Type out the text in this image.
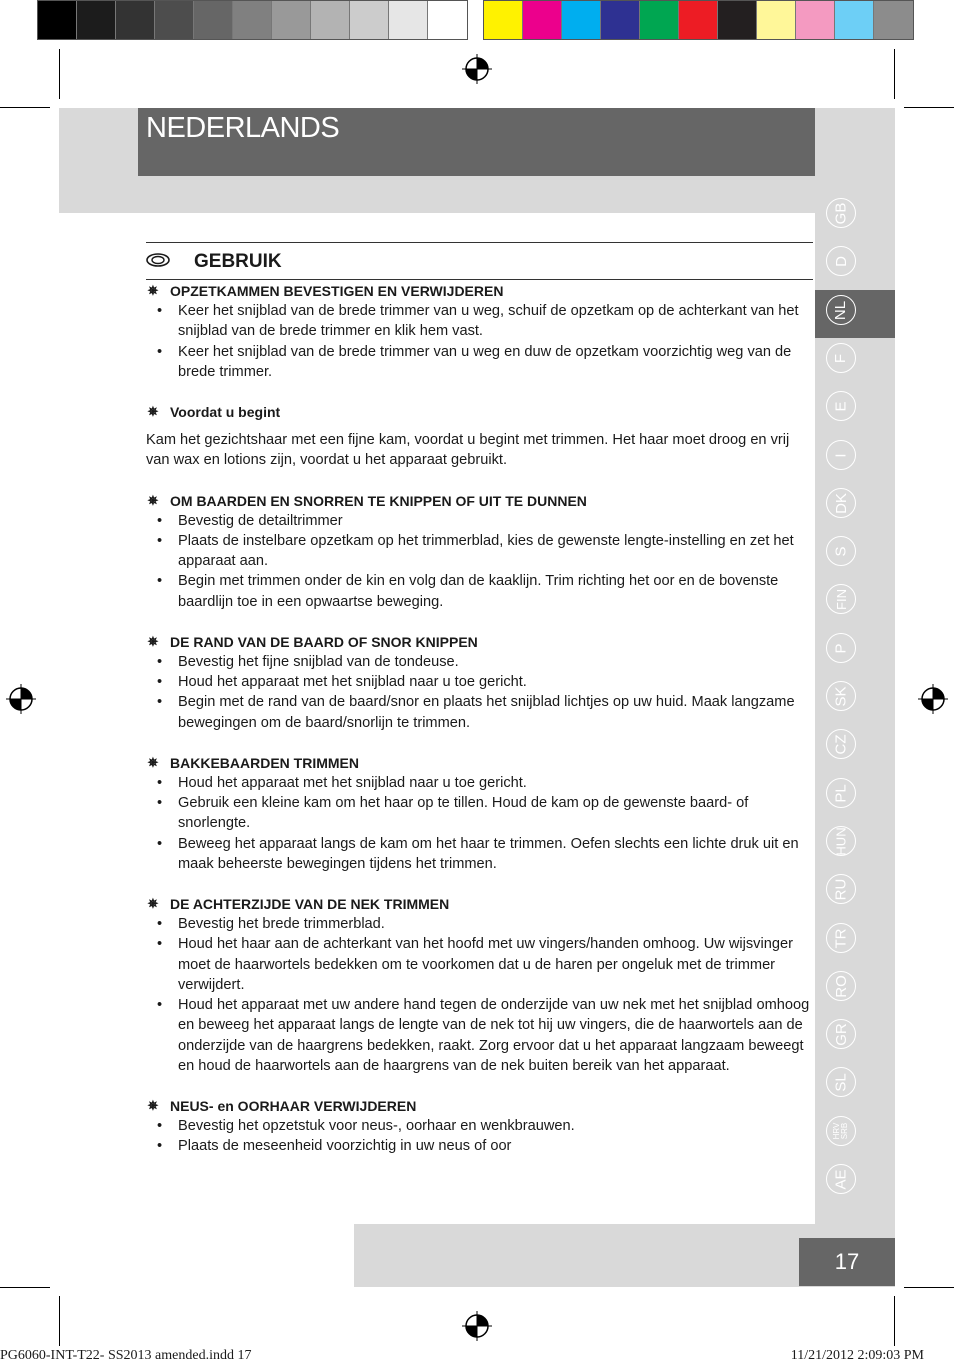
NEDERLANDS
GEBRUIK
✵ OPZETKAMMEN BEVESTIGEN EN VERWIJDEREN
• Keer het snijblad van de brede trimmer van u weg, schuif de opzetkam op de achterkant van het snijblad van de brede trimmer en klik hem vast.
• Keer het snijblad van de brede trimmer van u weg en duw de opzetkam voorzichtig weg van de brede trimmer.
✵ Voordat u begint

Kam het gezichtshaar met een fijne kam, voordat u begint met trimmen. Het haar moet droog en vrij van wax en lotions zijn, voordat u het apparaat gebruikt.

✵ OM BAARDEN EN SNORREN TE KNIPPEN OF UIT TE DUNNEN
• Bevestig de detailtrimmer
• Plaats de instelbare opzetkam op het trimmerblad, kies de gewenste lengte-instelling en zet het apparaat aan.
• Begin met trimmen onder de kin en volg dan de kaaklijn. Trim richting het oor en de bovenste baardlijn toe in een opwaartse beweging.
✵ DE RAND VAN DE BAARD OF SNOR KNIPPEN
• Bevestig het fijne snijblad van de tondeuse.
• Houd het apparaat met het snijblad naar u toe gericht.
• Begin met de rand van de baard/snor en plaats het snijblad lichtjes op uw huid. Maak langzame bewegingen om de baard/snorlijn te trimmen.
✵ BAKKEBAARDEN TRIMMEN
• Houd het apparaat met het snijblad naar u toe gericht.
• Gebruik een kleine kam om het haar op te tillen. Houd de kam op de gewenste baard- of snorlengte.
• Beweeg het apparaat langs de kam om het haar te trimmen. Oefen slechts een lichte druk uit en maak beheerste bewegingen tijdens het trimmen.
✵ DE ACHTERZIJDE VAN DE NEK TRIMMEN
• Bevestig het brede trimmerblad.
• Houd het haar aan de achterkant van het hoofd met uw vingers/handen omhoog. Uw wijsvinger moet de haarwortels bedekken om te voorkomen dat u de haren per ongeluk met de trimmer verwijdert.
• Houd het apparaat met uw andere hand tegen de onderzijde van uw nek met het snijblad omhoog en beweeg het apparaat langs de lengte van de nek tot hij uw vingers, die de haarwortels aan de onderzijde van de haargrens bedekken, raakt. Zorg ervoor dat u het apparaat langzaam beweegt en houd de haarwortels aan de haargrens van de nek buiten bereik van het apparaat.
✵ NEUS- en OORHAAR VERWIJDEREN
• Bevestig het opzetstuk voor neus-, oorhaar en wenkbrauwen.
• Plaats de meseenheid voorzichtig in uw neus of oor
GB
D
NL
F
E
I
DK
S
FIN
P
SK
CZ
PL
HUN
RU
TR
RO
GR
SL
HRV SRB
AE
17
PG6060-INT-T22- SS2013 amended.indd 17	11/21/2012 2:09:03 PM
